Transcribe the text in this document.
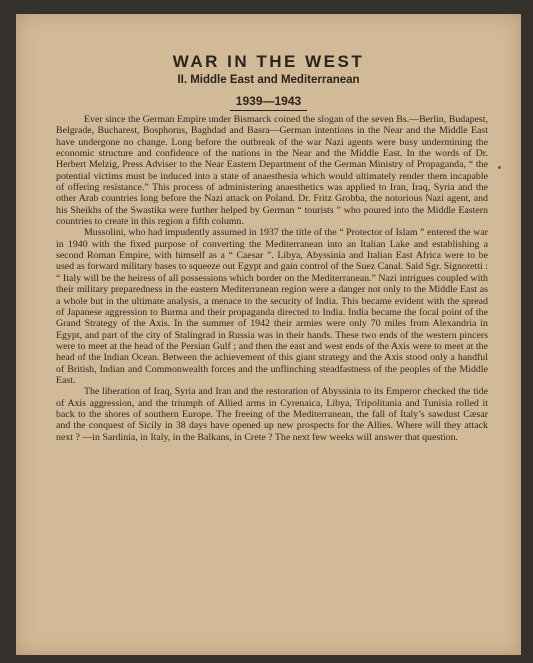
WAR IN THE WEST
II. Middle East and Mediterranean
1939—1943

Ever since the German Empire under Bismarck coined the slogan of the seven Bs.—Berlin, Budapest, Belgrade, Bucharest, Bosphorus, Baghdad and Basra—German intentions in the Near and the Middle East have undergone no change. Long before the outbreak of the war Nazi agents were busy undermining the economic structure and confidence of the nations in the Near and the Middle East. In the words of Dr. Herbert Melzig, Press Adviser to the Near Eastern Department of the German Ministry of Propaganda, “ the potential victims must be induced into a state of anaesthesia which would ultimately render them incapable of offering resistance.” This process of administering anaesthetics was applied to Iran, Iraq, Syria and the other Arab countries long before the Nazi attack on Poland. Dr. Fritz Grobba, the notorious Nazi agent, and his Sheikhs of the Swastika were further helped by German “ tourists ” who poured into the Middle Eastern countries to create in this region a fifth column.

Mussolini, who had impudently assumed in 1937 the title of the “ Protector of Islam ” entered the war in 1940 with the fixed purpose of converting the Mediterranean into an Italian Lake and establishing a second Roman Empire, with himself as a “ Caesar ”. Libya, Abyssinia and Italian East Africa were to be used as forward military bases to squeeze out Egypt and gain control of the Suez Canal. Said Sgr. Signoretti : “ Italy will be the heiress of all possessions which border on the Mediterranean.” Nazi intrigues coupled with their military preparedness in the eastern Mediterranean region were a danger not only to the Middle East as a whole but in the ultimate analysis, a menace to the security of India. This became evident with the spread of Japanese aggression to Burma and their propaganda directed to India. India became the focal point of the Grand Strategy of the Axis. In the summer of 1942 their armies were only 70 miles from Alexandria in Egypt, and part of the city of Stalingrad in Russia was in their hands. These two ends of the western pincers were to meet at the head of the Persian Gulf ; and then the east and west ends of the Axis were to meet at the head of the Indian Ocean. Between the achievement of this giant strategy and the Axis stood only a handful of British, Indian and Commonwealth forces and the unflinching steadfastness of the peoples of the Middle East.

The liberation of Iraq, Syria and Iran and the restoration of Abyssinia to its Emperor checked the tide of Axis aggression, and the triumph of Allied arms in Cyrenaica, Libya, Tripolitania and Tunisia rolled it back to the shores of southern Europe. The freeing of the Mediterranean, the fall of Italy’s sawdust Cæsar and the conquest of Sicily in 38 days have opened up new prospects for the Allies. Where will they attack next ? —in Sardinia, in Italy, in the Balkans, in Crete ? The next few weeks will answer that question.
